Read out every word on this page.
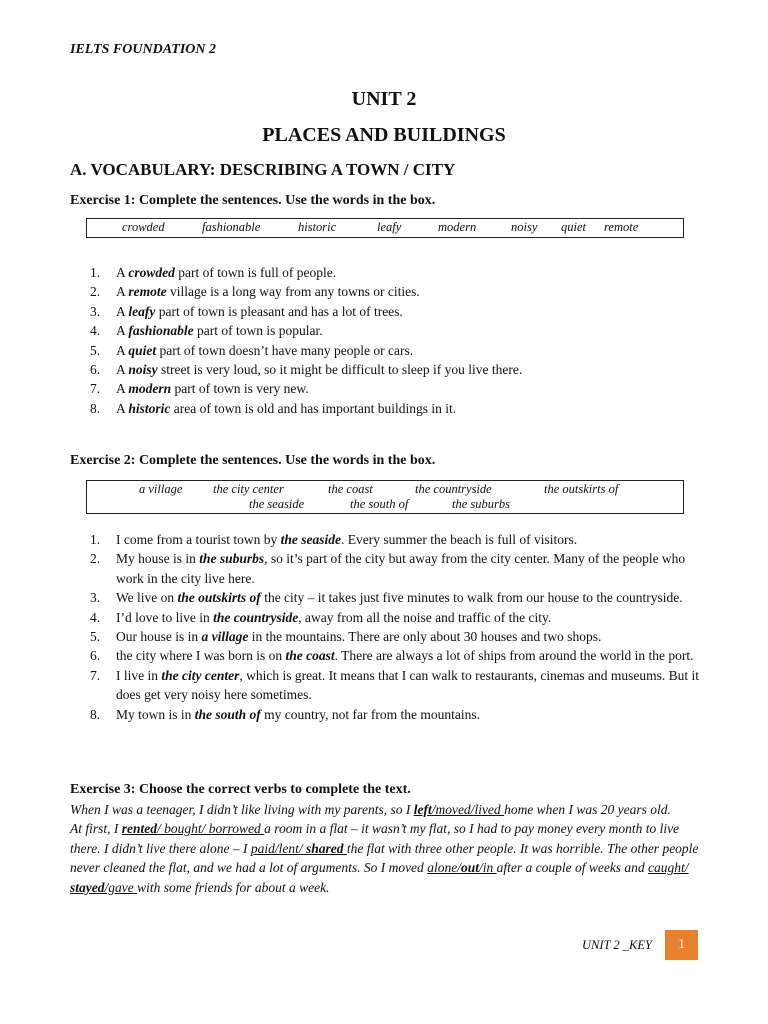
IELTS FOUNDATION 2
UNIT 2
PLACES AND BUILDINGS
A. VOCABULARY: DESCRIBING A TOWN / CITY
Exercise 1: Complete the sentences. Use the words in the box.
crowded	fashionable	historic	leafy	modern	noisy quiet remote
1. A crowded part of town is full of people.
2. A remote village is a long way from any towns or cities.
3. A leafy part of town is pleasant and has a lot of trees.
4. A fashionable part of town is popular.
5. A quiet part of town doesn’t have many people or cars.
6. A noisy street is very loud, so it might be difficult to sleep if you live there.
7. A modern part of town is very new.
8. A historic area of town is old and has important buildings in it.
Exercise 2: Complete the sentences. Use the words in the box.
a village the city center	the coast	the countryside	the outskirts of
the seaside	the south of	the suburbs
1. I come from a tourist town by the seaside. Every summer the beach is full of visitors.
2. My house is in the suburbs, so it’s part of the city but away from the city center. Many of the people who work in the city live here.
3. We live on the outskirts of the city – it takes just five minutes to walk from our house to the countryside.
4. I’d love to live in the countryside, away from all the noise and traffic of the city.
5. Our house is in a village in the mountains. There are only about 30 houses and two shops.
6. the city where I was born is on the coast. There are always a lot of ships from around the world in the port.
7. I live in the city center, which is great. It means that I can walk to restaurants, cinemas and museums. But it does get very noisy here sometimes.
8. My town is in the south of my country, not far from the mountains.
Exercise 3: Choose the correct verbs to complete the text.
When I was a teenager, I didn’t like living with my parents, so I left/moved/lived home when I was 20 years old.
At first, I rented/ bought/ borrowed a room in a flat – it wasn’t my flat, so I had to pay money every month to live there. I didn’t live there alone – I paid/lent/ shared the flat with three other people. It was horrible. The other people never cleaned the flat, and we had a lot of arguments. So I moved alone/out/in after a couple of weeks and caught/ stayed/gave with some friends for about a week.
UNIT 2 _KEY	1
